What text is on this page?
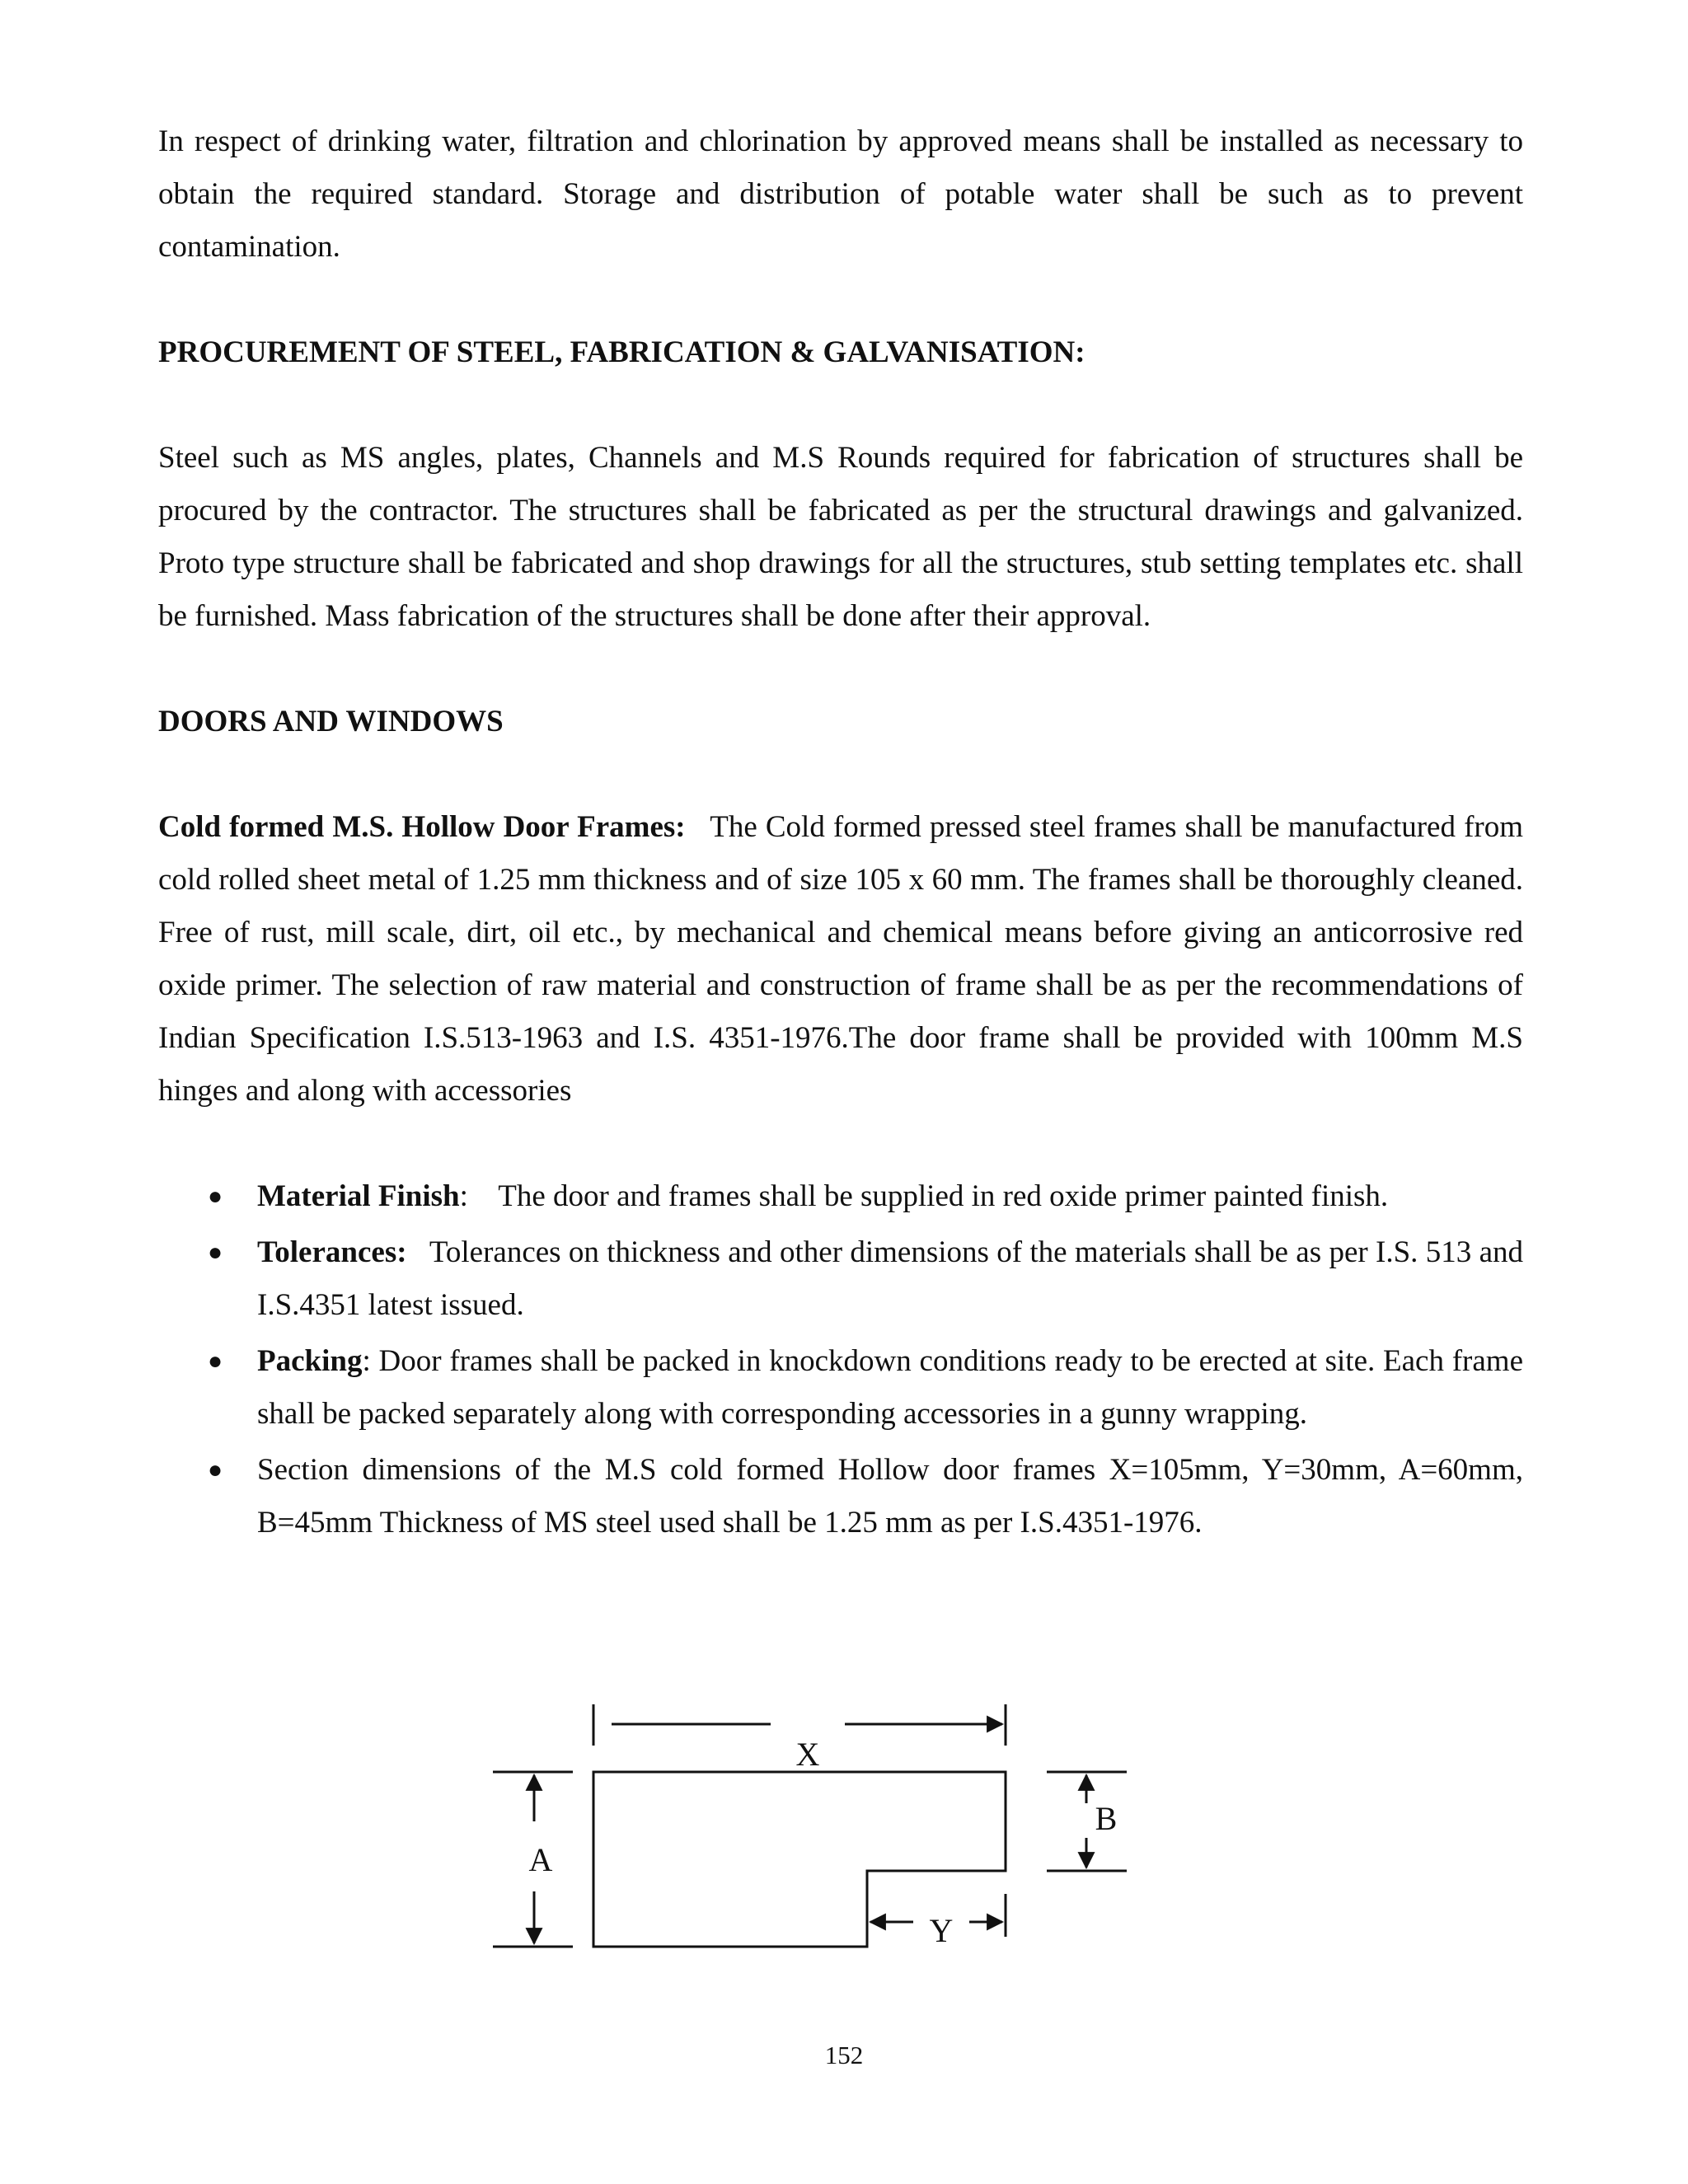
In respect of drinking water, filtration and chlorination by approved means shall be installed as necessary to obtain the required standard. Storage and distribution of potable water shall be such as to prevent contamination.

PROCUREMENT OF STEEL, FABRICATION & GALVANISATION:

Steel such as MS angles, plates, Channels and M.S Rounds required for fabrication of structures shall be procured by the contractor. The structures shall be fabricated as per the structural drawings and galvanized. Proto type structure shall be fabricated and shop drawings for all the structures, stub setting templates etc. shall be furnished. Mass fabrication of the structures shall be done after their approval.

DOORS AND WINDOWS

Cold formed M.S. Hollow Door Frames: The Cold formed pressed steel frames shall be manufactured from cold rolled sheet metal of 1.25 mm thickness and of size 105 x 60 mm. The frames shall be thoroughly cleaned. Free of rust, mill scale, dirt, oil etc., by mechanical and chemical means before giving an anticorrosive red oxide primer. The selection of raw material and construction of frame shall be as per the recommendations of Indian Specification I.S.513-1963 and I.S. 4351-1976.The door frame shall be provided with 100mm M.S hinges and along with accessories

● Material Finish: The door and frames shall be supplied in red oxide primer painted finish.
● Tolerances: Tolerances on thickness and other dimensions of the materials shall be as per I.S. 513 and I.S.4351 latest issued.
● Packing: Door frames shall be packed in knockdown conditions ready to be erected at site. Each frame shall be packed separately along with corresponding accessories in a gunny wrapping.
● Section dimensions of the M.S cold formed Hollow door frames X=105mm, Y=30mm, A=60mm, B=45mm Thickness of MS steel used shall be 1.25 mm as per I.S.4351-1976.
X
A
B
Y
152
